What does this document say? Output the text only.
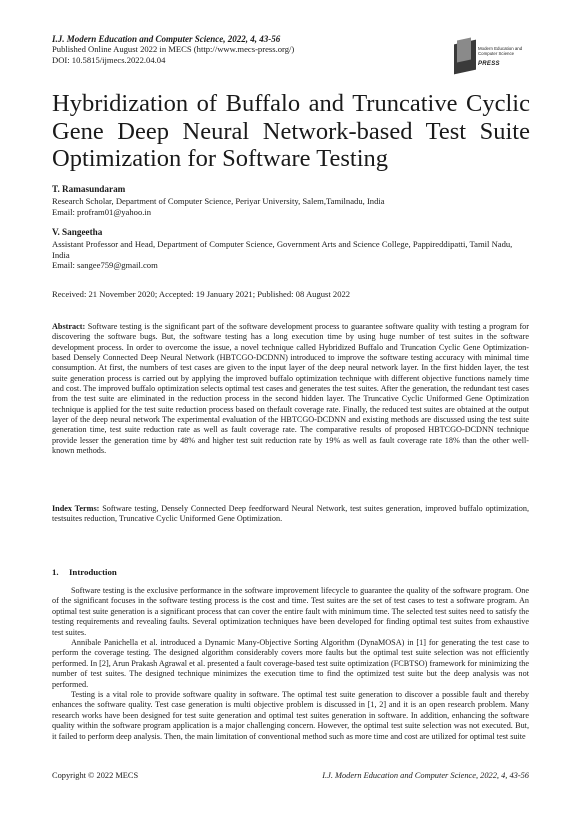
I.J. Modern Education and Computer Science, 2022, 4, 43-56
Published Online August 2022 in MECS (http://www.mecs-press.org/)
DOI: 10.5815/ijmecs.2022.04.04
Modern Education and Computer Science
PRESS
Hybridization of Buffalo and Truncative Cyclic Gene Deep Neural Network-based Test Suite Optimization for Software Testing
T. Ramasundaram
Research Scholar, Department of Computer Science, Periyar University, Salem,Tamilnadu, India
Email: profram01@yahoo.in
V. Sangeetha
Assistant Professor and Head, Department of Computer Science, Government Arts and Science College, Pappireddipatti, Tamil Nadu, India
Email: sangee759@gmail.com
Received: 21 November 2020; Accepted: 19 January 2021; Published: 08 August 2022
Abstract: Software testing is the significant part of the software development process to guarantee software quality with testing a program for discovering the software bugs. But, the software testing has a long execution time by using huge number of test suites in the software development process. In order to overcome the issue, a novel technique called Hybridized Buffalo and Truncation Cyclic Gene Optimization-based Densely Connected Deep Neural Network (HBTCGO-DCDNN) introduced to improve the software testing accuracy with minimal time consumption. At first, the numbers of test cases are given to the input layer of the deep neural network layer. In the first hidden layer, the test suite generation process is carried out by applying the improved buffalo optimization technique with different objective functions namely time and cost. The improved buffalo optimization selects optimal test cases and generates the test suites. After the generation, the redundant test cases from the test suite are eliminated in the reduction process in the second hidden layer. The Truncative Cyclic Uniformed Gene Optimization technique is applied for the test suite reduction process based on thefault coverage rate. Finally, the reduced test suites are obtained at the output layer of the deep neural network The experimental evaluation of the HBTCGO-DCDNN and existing methods are discussed using the test suite generation time, test suite reduction rate as well as fault coverage rate. The comparative results of proposed HBTCGO-DCDNN technique provide lesser the generation time by 48% and higher test suit reduction rate by 19% as well as fault coverage rate 18% than the other well-known methods.
Index Terms: Software testing, Densely Connected Deep feedforward Neural Network, test suites generation, improved buffalo optimization, testsuites reduction, Truncative Cyclic Uniformed Gene Optimization.
1. Introduction

Software testing is the exclusive performance in the software improvement lifecycle to guarantee the quality of the software program. One of the significant focuses in the software testing process is the cost and time. Test suites are the set of test cases to test a software program. An optimal test suite generation is a significant process that can cover the entire fault with minimum time. The selected test suites need to satisfy the testing requirements and revealing faults. Several optimization techniques have been developed for finding optimal test suites from exhaustive test suites.

Annibale Panichella et al. introduced a Dynamic Many-Objective Sorting Algorithm (DynaMOSA) in [1] for generating the test case to perform the coverage testing. The designed algorithm considerably covers more faults but the optimal test suite selection was not efficiently performed. In [2], Arun Prakash Agrawal et al. presented a fault coverage-based test suite optimization (FCBTSO) framework for minimizing the number of test suites. The designed technique minimizes the execution time to find the optimized test suite but the deep analysis was not performed.

Testing is a vital role to provide software quality in software. The optimal test suite generation to discover a possible fault and thereby enhances the software quality. Test case generation is multi objective problem is discussed in [1, 2] and it is an open research problem. Many research works have been designed for test suite generation and optimal test suites generation in software. In addition, enhancing the software quality within the software program application is a major challenging concern. However, the optimal test suite selection was not executed. But, it failed to perform deep analysis. Then, the main limitation of conventional method such as more time and cost are utilized for optimal test suite

Copyright © 2022 MECS	I.J. Modern Education and Computer Science, 2022, 4, 43-56
